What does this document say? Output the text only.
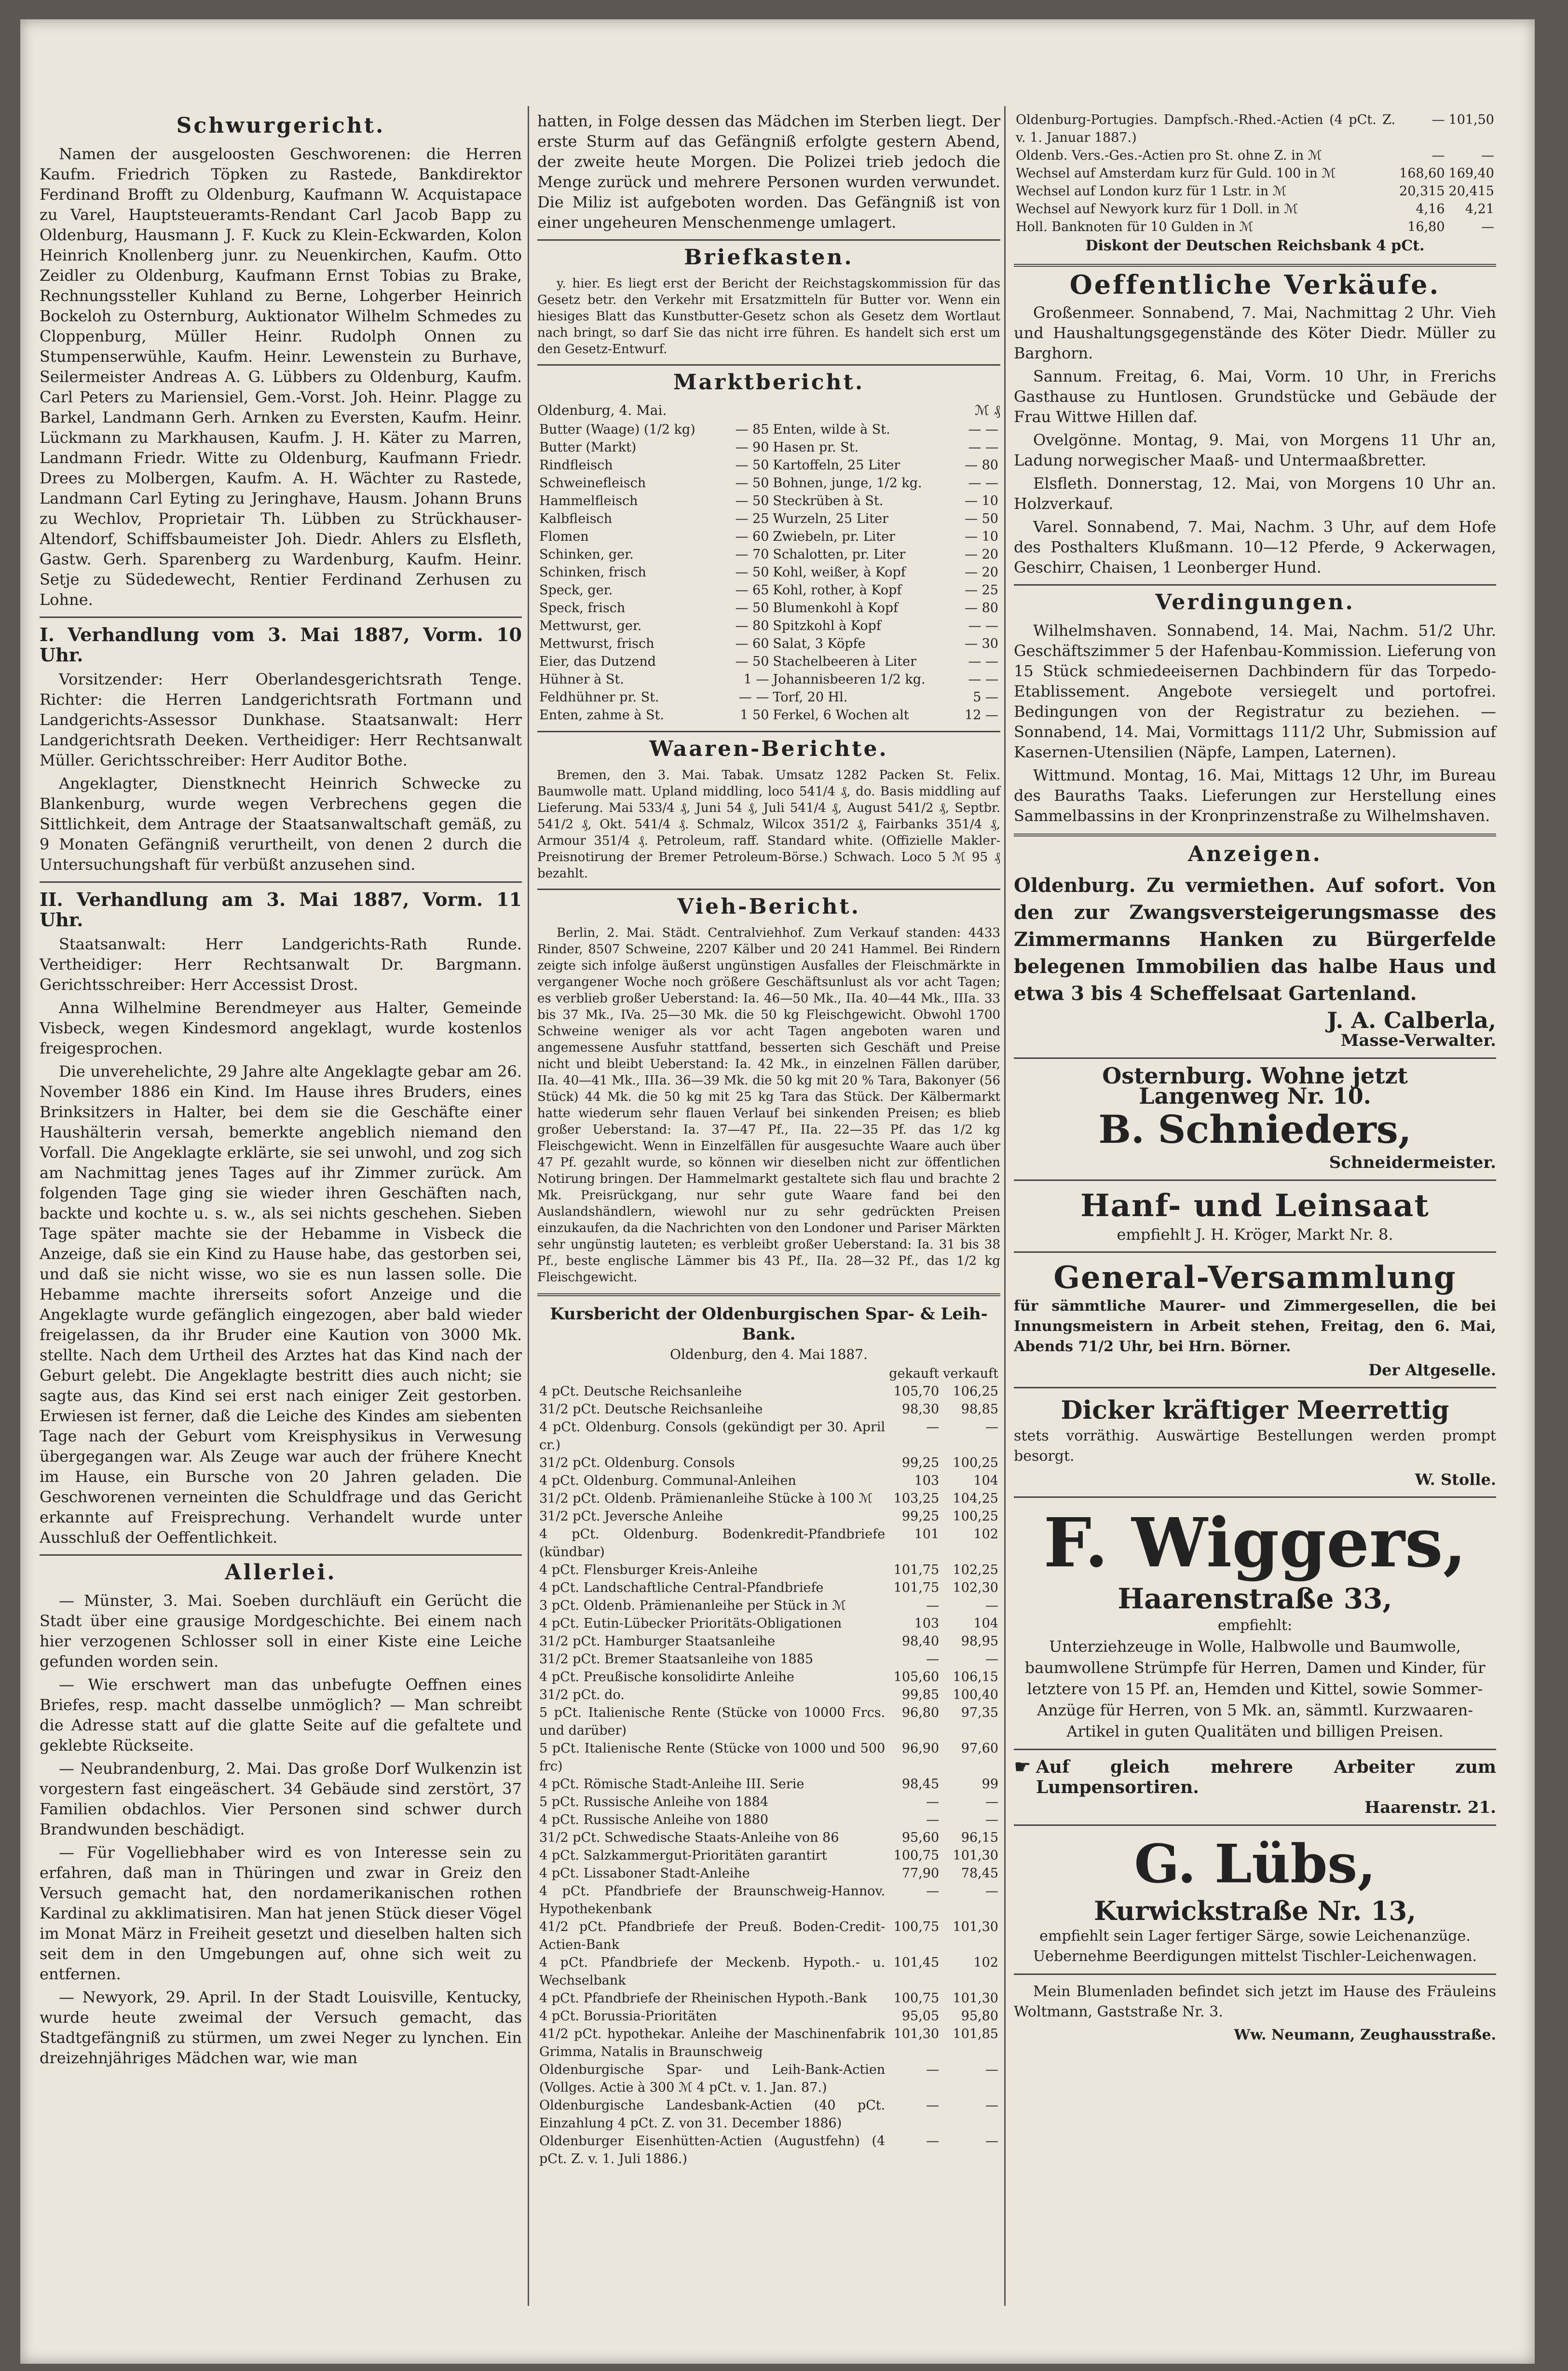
Schwurgericht.

Namen der ausgeloosten Geschworenen: die Herren Kaufm. Friedrich Töpken zu Rastede, Bankdirektor Ferdinand Brofft zu Oldenburg, Kaufmann W. Acquistapace zu Varel, Hauptsteueramts-Rendant Carl Jacob Bapp zu Oldenburg, Hausmann J. F. Kuck zu Klein-Eckwarden, Kolon Heinrich Knollenberg junr. zu Neuenkirchen, Kaufm. Otto Zeidler zu Oldenburg, Kaufmann Ernst Tobias zu Brake, Rechnungssteller Kuhland zu Berne, Lohgerber Heinrich Bockeloh zu Osternburg, Auktionator Wilhelm Schmedes zu Cloppenburg, Müller Heinr. Rudolph Onnen zu Stumpenserwühle, Kaufm. Heinr. Lewenstein zu Burhave, Seilermeister Andreas A. G. Lübbers zu Oldenburg, Kaufm. Carl Peters zu Mariensiel, Gem.-Vorst. Joh. Heinr. Plagge zu Barkel, Landmann Gerh. Arnken zu Eversten, Kaufm. Heinr. Lückmann zu Markhausen, Kaufm. J. H. Käter zu Marren, Landmann Friedr. Witte zu Oldenburg, Kaufmann Friedr. Drees zu Molbergen, Kaufm. A. H. Wächter zu Rastede, Landmann Carl Eyting zu Jeringhave, Hausm. Johann Bruns zu Wechlov, Proprietair Th. Lübben zu Strückhauser-Altendorf, Schiffsbaumeister Joh. Diedr. Ahlers zu Elsfleth, Gastw. Gerh. Sparenberg zu Wardenburg, Kaufm. Heinr. Setje zu Südedewecht, Rentier Ferdinand Zerhusen zu Lohne.

I. Verhandlung vom 3. Mai 1887, Vorm. 10 Uhr.

Vorsitzender: Herr Oberlandesgerichtsrath Tenge. Richter: die Herren Landgerichtsrath Fortmann und Landgerichts-Assessor Dunkhase. Staatsanwalt: Herr Landgerichtsrath Deeken. Vertheidiger: Herr Rechtsanwalt Müller. Gerichtsschreiber: Herr Auditor Bothe.

Angeklagter, Dienstknecht Heinrich Schwecke zu Blankenburg, wurde wegen Verbrechens gegen die Sittlichkeit, dem Antrage der Staatsanwaltschaft gemäß, zu 9 Monaten Gefängniß verurtheilt, von denen 2 durch die Untersuchungshaft für verbüßt anzusehen sind.

II. Verhandlung am 3. Mai 1887, Vorm. 11 Uhr.

Staatsanwalt: Herr Landgerichts-Rath Runde. Vertheidiger: Herr Rechtsanwalt Dr. Bargmann. Gerichtsschreiber: Herr Accessist Drost.

Anna Wilhelmine Berendmeyer aus Halter, Gemeinde Visbeck, wegen Kindesmord angeklagt, wurde kostenlos freigesprochen.

Die unverehelichte, 29 Jahre alte Angeklagte gebar am 26. November 1886 ein Kind. Im Hause ihres Bruders, eines Brinksitzers in Halter, bei dem sie die Geschäfte einer Haushälterin versah, bemerkte angeblich niemand den Vorfall. Die Angeklagte erklärte, sie sei unwohl, und zog sich am Nachmittag jenes Tages auf ihr Zimmer zurück. Am folgenden Tage ging sie wieder ihren Geschäften nach, backte und kochte u. s. w., als sei nichts geschehen. Sieben Tage später machte sie der Hebamme in Visbeck die Anzeige, daß sie ein Kind zu Hause habe, das gestorben sei, und daß sie nicht wisse, wo sie es nun lassen solle. Die Hebamme machte ihrerseits sofort Anzeige und die Angeklagte wurde gefänglich eingezogen, aber bald wieder freigelassen, da ihr Bruder eine Kaution von 3000 Mk. stellte. Nach dem Urtheil des Arztes hat das Kind nach der Geburt gelebt. Die Angeklagte bestritt dies auch nicht; sie sagte aus, das Kind sei erst nach einiger Zeit gestorben. Erwiesen ist ferner, daß die Leiche des Kindes am siebenten Tage nach der Geburt vom Kreisphysikus in Verwesung übergegangen war. Als Zeuge war auch der frühere Knecht im Hause, ein Bursche von 20 Jahren geladen. Die Geschworenen verneinten die Schuldfrage und das Gericht erkannte auf Freisprechung. Verhandelt wurde unter Ausschluß der Oeffentlichkeit.

Allerlei.

— Münster, 3. Mai. Soeben durchläuft ein Gerücht die Stadt über eine grausige Mordgeschichte. Bei einem nach hier verzogenen Schlosser soll in einer Kiste eine Leiche gefunden worden sein.

— Wie erschwert man das unbefugte Oeffnen eines Briefes, resp. macht dasselbe unmöglich? — Man schreibt die Adresse statt auf die glatte Seite auf die gefaltete und geklebte Rückseite.

— Neubrandenburg, 2. Mai. Das große Dorf Wulkenzin ist vorgestern fast eingeäschert. 34 Gebäude sind zerstört, 37 Familien obdachlos. Vier Personen sind schwer durch Brandwunden beschädigt.

— Für Vogelliebhaber wird es von Interesse sein zu erfahren, daß man in Thüringen und zwar in Greiz den Versuch gemacht hat, den nordamerikanischen rothen Kardinal zu akklimatisiren. Man hat jenen Stück dieser Vögel im Monat März in Freiheit gesetzt und dieselben halten sich seit dem in den Umgebungen auf, ohne sich weit zu entfernen.

— Newyork, 29. April. In der Stadt Louisville, Kentucky, wurde heute zweimal der Versuch gemacht, das Stadtgefängniß zu stürmen, um zwei Neger zu lynchen. Ein dreizehnjähriges Mädchen war, wie man

hatten, in Folge dessen das Mädchen im Sterben liegt. Der erste Sturm auf das Gefängniß erfolgte gestern Abend, der zweite heute Morgen. Die Polizei trieb jedoch die Menge zurück und mehrere Personen wurden verwundet. Die Miliz ist aufgeboten worden. Das Gefängniß ist von einer ungeheuren Menschenmenge umlagert.

Briefkasten.

y. hier. Es liegt erst der Bericht der Reichstagskommission für das Gesetz betr. den Verkehr mit Ersatzmitteln für Butter vor. Wenn ein hiesiges Blatt das Kunstbutter-Gesetz schon als Gesetz dem Wortlaut nach bringt, so darf Sie das nicht irre führen. Es handelt sich erst um den Gesetz-Entwurf.

Marktbericht.
Oldenburg, 4. Mai.	ℳ ₰
Butter (Waage) (1/2 kg)	— 85	Enten, wilde à St.	— —
Butter (Markt)	— 90	Hasen pr. St.	— —
Rindfleisch	— 50	Kartoffeln, 25 Liter	— 80
Schweinefleisch	— 50	Bohnen, junge, 1/2 kg.	— —
Hammelfleisch	— 50	Steckrüben à St.	— 10
Kalbfleisch	— 25	Wurzeln, 25 Liter	— 50
Flomen	— 60	Zwiebeln, pr. Liter	— 10
Schinken, ger.	— 70	Schalotten, pr. Liter	— 20
Schinken, frisch	— 50	Kohl, weißer, à Kopf	— 20
Speck, ger.	— 65	Kohl, rother, à Kopf	— 25
Speck, frisch	— 50	Blumenkohl à Kopf	— 80
Mettwurst, ger.	— 80	Spitzkohl à Kopf	— —
Mettwurst, frisch	— 60	Salat, 3 Köpfe	— 30
Eier, das Dutzend	— 50	Stachelbeeren à Liter	— —
Hühner à St.	1 —	Johannisbeeren 1/2 kg.	— —
Feldhühner pr. St.	— —	Torf, 20 Hl.	5 —
Enten, zahme à St.	1 50	Ferkel, 6 Wochen alt	12 —
Waaren-Berichte.

Bremen, den 3. Mai. Tabak. Umsatz 1282 Packen St. Felix. Baumwolle matt. Upland middling, loco 541/4 ₰, do. Basis middling auf Lieferung. Mai 533/4 ₰, Juni 54 ₰, Juli 541/4 ₰, August 541/2 ₰, Septbr. 541/2 ₰, Okt. 541/4 ₰. Schmalz, Wilcox 351/2 ₰, Fairbanks 351/4 ₰, Armour 351/4 ₰. Petroleum, raff. Standard white. (Offizielle Makler-Preisnotirung der Bremer Petroleum-Börse.) Schwach. Loco 5 ℳ 95 ₰ bezahlt.

Vieh-Bericht.

Berlin, 2. Mai. Städt. Centralviehhof. Zum Verkauf standen: 4433 Rinder, 8507 Schweine, 2207 Kälber und 20 241 Hammel. Bei Rindern zeigte sich infolge äußerst ungünstigen Ausfalles der Fleischmärkte in vergangener Woche noch größere Geschäftsunlust als vor acht Tagen; es verblieb großer Ueberstand: Ia. 46—50 Mk., IIa. 40—44 Mk., IIIa. 33 bis 37 Mk., IVa. 25—30 Mk. die 50 kg Fleischgewicht. Obwohl 1700 Schweine weniger als vor acht Tagen angeboten waren und angemessene Ausfuhr stattfand, besserten sich Geschäft und Preise nicht und bleibt Ueberstand: Ia. 42 Mk., in einzelnen Fällen darüber, IIa. 40—41 Mk., IIIa. 36—39 Mk. die 50 kg mit 20 % Tara, Bakonyer (56 Stück) 44 Mk. die 50 kg mit 25 kg Tara das Stück. Der Kälbermarkt hatte wiederum sehr flauen Verlauf bei sinkenden Preisen; es blieb großer Ueberstand: Ia. 37—47 Pf., IIa. 22—35 Pf. das 1/2 kg Fleischgewicht. Wenn in Einzelfällen für ausgesuchte Waare auch über 47 Pf. gezahlt wurde, so können wir dieselben nicht zur öffentlichen Notirung bringen. Der Hammelmarkt gestaltete sich flau und brachte 2 Mk. Preisrückgang, nur sehr gute Waare fand bei den Auslandshändlern, wiewohl nur zu sehr gedrückten Preisen einzukaufen, da die Nachrichten von den Londoner und Pariser Märkten sehr ungünstig lauteten; es verbleibt großer Ueberstand: Ia. 31 bis 38 Pf., beste englische Lämmer bis 43 Pf., IIa. 28—32 Pf., das 1/2 kg Fleischgewicht.

Kursbericht der Oldenburgischen Spar- & Leih-Bank.
Oldenburg, den 4. Mai 1887.
	gekauft	verkauft
4 pCt. Deutsche Reichsanleihe	105,70	106,25
31/2 pCt. Deutsche Reichsanleihe	98,30	98,85
4 pCt. Oldenburg. Consols (gekündigt per 30. April cr.)	—	—
31/2 pCt. Oldenburg. Consols	99,25	100,25
4 pCt. Oldenburg. Communal-Anleihen	103	104
31/2 pCt. Oldenb. Prämienanleihe Stücke à 100 ℳ	103,25	104,25
31/2 pCt. Jeversche Anleihe	99,25	100,25
4 pCt. Oldenburg. Bodenkredit-Pfandbriefe (kündbar)	101	102
4 pCt. Flensburger Kreis-Anleihe	101,75	102,25
4 pCt. Landschaftliche Central-Pfandbriefe	101,75	102,30
3 pCt. Oldenb. Prämienanleihe per Stück in ℳ	—	—
4 pCt. Eutin-Lübecker Prioritäts-Obligationen	103	104
31/2 pCt. Hamburger Staatsanleihe	98,40	98,95
31/2 pCt. Bremer Staatsanleihe von 1885	—	—
4 pCt. Preußische konsolidirte Anleihe	105,60	106,15
31/2 pCt. do.	99,85	100,40
5 pCt. Italienische Rente (Stücke von 10000 Frcs. und darüber)	96,80	97,35
5 pCt. Italienische Rente (Stücke von 1000 und 500 frc)	96,90	97,60
4 pCt. Römische Stadt-Anleihe III. Serie	98,45	99
5 pCt. Russische Anleihe von 1884	—	—
4 pCt. Russische Anleihe von 1880	—	—
31/2 pCt. Schwedische Staats-Anleihe von 86	95,60	96,15
4 pCt. Salzkammergut-Prioritäten garantirt	100,75	101,30
4 pCt. Lissaboner Stadt-Anleihe	77,90	78,45
4 pCt. Pfandbriefe der Braunschweig-Hannov. Hypothekenbank	—	—
41/2 pCt. Pfandbriefe der Preuß. Boden-Credit-Actien-Bank	100,75	101,30
4 pCt. Pfandbriefe der Meckenb. Hypoth.- u. Wechselbank	101,45	102
4 pCt. Pfandbriefe der Rheinischen Hypoth.-Bank	100,75	101,30
4 pCt. Borussia-Prioritäten	95,05	95,80
41/2 pCt. hypothekar. Anleihe der Maschinenfabrik Grimma, Natalis in Braunschweig	101,30	101,85
Oldenburgische Spar- und Leih-Bank-Actien (Vollges. Actie à 300 ℳ 4 pCt. v. 1. Jan. 87.)	—	—
Oldenburgische Landesbank-Actien (40 pCt. Einzahlung 4 pCt. Z. von 31. December 1886)	—	—
Oldenburger Eisenhütten-Actien (Augustfehn) (4 pCt. Z. v. 1. Juli 1886.)	—	—
Oldenburg-Portugies. Dampfsch.-Rhed.-Actien (4 pCt. Z. v. 1. Januar 1887.)	—	101,50
Oldenb. Vers.-Ges.-Actien pro St. ohne Z. in ℳ	—	—
Wechsel auf Amsterdam kurz für Guld. 100 in ℳ	168,60	169,40
Wechsel auf London kurz für 1 Lstr. in ℳ	20,315	20,415
Wechsel auf Newyork kurz für 1 Doll. in ℳ	4,16	4,21
Holl. Banknoten für 10 Gulden in ℳ	16,80	—
Diskont der Deutschen Reichsbank 4 pCt.
Oeffentliche Verkäufe.

Großenmeer. Sonnabend, 7. Mai, Nachmittag 2 Uhr. Vieh und Haushaltungsgegenstände des Köter Diedr. Müller zu Barghorn.

Sannum. Freitag, 6. Mai, Vorm. 10 Uhr, in Frerichs Gasthause zu Huntlosen. Grundstücke und Gebäude der Frau Wittwe Hillen daf.

Ovelgönne. Montag, 9. Mai, von Morgens 11 Uhr an, Ladung norwegischer Maaß- und Untermaaßbretter.

Elsfleth. Donnerstag, 12. Mai, von Morgens 10 Uhr an. Holzverkauf.

Varel. Sonnabend, 7. Mai, Nachm. 3 Uhr, auf dem Hofe des Posthalters Klußmann. 10—12 Pferde, 9 Ackerwagen, Geschirr, Chaisen, 1 Leonberger Hund.

Verdingungen.

Wilhelmshaven. Sonnabend, 14. Mai, Nachm. 51/2 Uhr. Geschäftszimmer 5 der Hafenbau-Kommission. Lieferung von 15 Stück schmiedeeisernen Dachbindern für das Torpedo-Etablissement. Angebote versiegelt und portofrei. Bedingungen von der Registratur zu beziehen. — Sonnabend, 14. Mai, Vormittags 111/2 Uhr, Submission auf Kasernen-Utensilien (Näpfe, Lampen, Laternen).

Wittmund. Montag, 16. Mai, Mittags 12 Uhr, im Bureau des Bauraths Taaks. Lieferungen zur Herstellung eines Sammelbassins in der Kronprinzenstraße zu Wilhelmshaven.

Anzeigen.

Oldenburg. Zu vermiethen. Auf sofort. Von den zur Zwangsversteigerungsmasse des Zimmermanns Hanken zu Bürgerfelde belegenen Immobilien das halbe Haus und etwa 3 bis 4 Scheffelsaat Gartenland.

J. A. Calberla,
Masse-Verwalter.
Osternburg. Wohne jetzt
Langenweg Nr. 10.
B. Schnieders,
Schneidermeister.
Hanf- und Leinsaat
empfiehlt J. H. Kröger, Markt Nr. 8.
General-Versammlung

für sämmtliche Maurer- und Zimmergesellen, die bei Innungsmeistern in Arbeit stehen, Freitag, den 6. Mai, Abends 71/2 Uhr, bei Hrn. Börner.

Der Altgeselle.
Dicker kräftiger Meerrettig

stets vorräthig. Auswärtige Bestellungen werden prompt besorgt.

W. Stolle.
F. Wiggers,
Haarenstraße 33,
empfiehlt:

Unterziehzeuge in Wolle, Halbwolle und Baumwolle, baumwollene Strümpfe für Herren, Damen und Kinder, für letztere von 15 Pf. an, Hemden und Kittel, sowie Sommer-Anzüge für Herren, von 5 Mk. an, sämmtl. Kurzwaaren-Artikel in guten Qualitäten und billigen Preisen.

☛ Auf gleich mehrere Arbeiter zum Lumpensortiren.

Haarenstr. 21.
G. Lübs,
Kurwickstraße Nr. 13,

empfiehlt sein Lager fertiger Särge, sowie Leichenanzüge. Uebernehme Beerdigungen mittelst Tischler-Leichenwagen.

Mein Blumenladen befindet sich jetzt im Hause des Fräuleins Woltmann, Gaststraße Nr. 3.

Ww. Neumann, Zeughausstraße.
